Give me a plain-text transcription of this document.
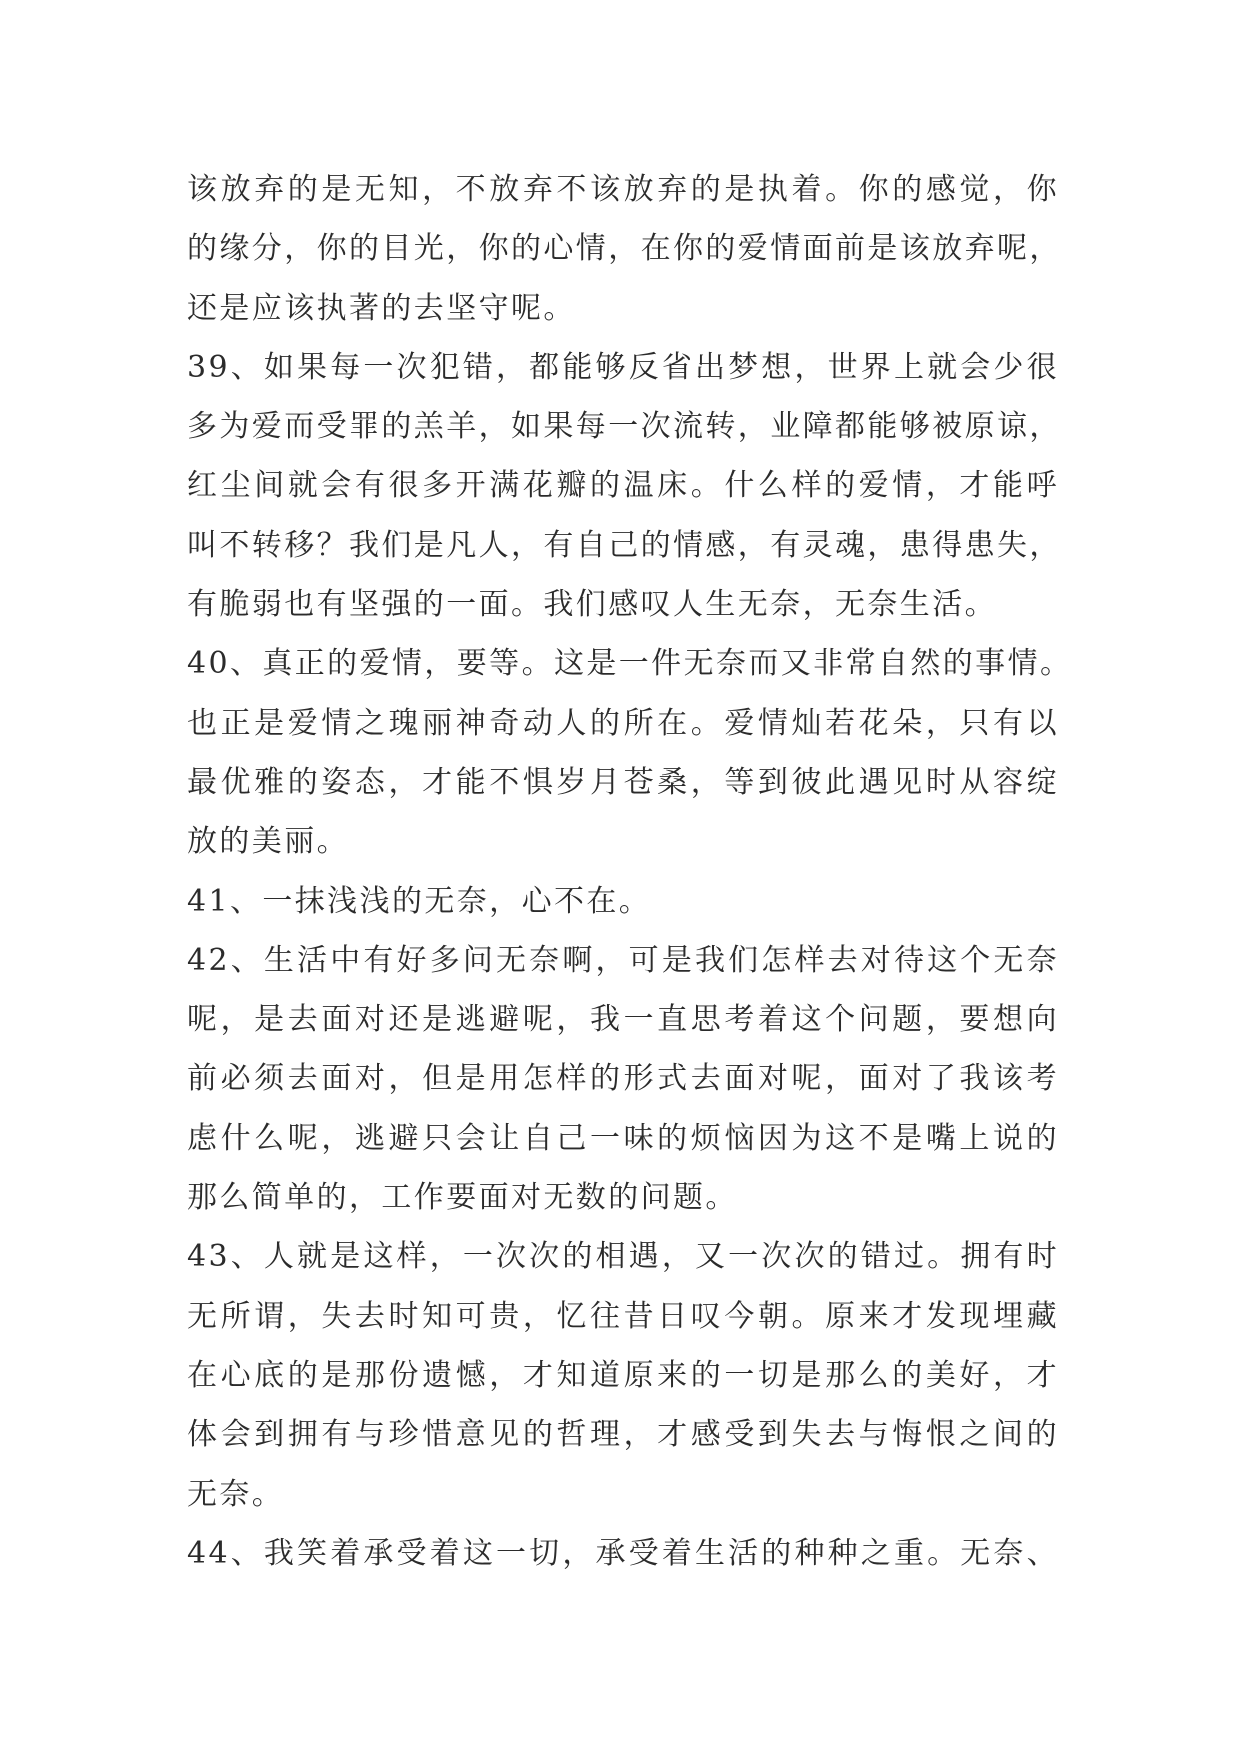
该放弃的是无知，不放弃不该放弃的是执着。你的感觉，你
的缘分，你的目光，你的心情，在你的爱情面前是该放弃呢，
还是应该执著的去坚守呢。
39、如果每一次犯错，都能够反省出梦想，世界上就会少很
多为爱而受罪的羔羊，如果每一次流转，业障都能够被原谅，
红尘间就会有很多开满花瓣的温床。什么样的爱情，才能呼
叫不转移？我们是凡人，有自己的情感，有灵魂，患得患失，
有脆弱也有坚强的一面。我们感叹人生无奈，无奈生活。
40、真正的爱情，要等。这是一件无奈而又非常自然的事情。
也正是爱情之瑰丽神奇动人的所在。爱情灿若花朵，只有以
最优雅的姿态，才能不惧岁月苍桑，等到彼此遇见时从容绽
放的美丽。
41、一抹浅浅的无奈，心不在。
42、生活中有好多问无奈啊，可是我们怎样去对待这个无奈
呢，是去面对还是逃避呢，我一直思考着这个问题，要想向
前必须去面对，但是用怎样的形式去面对呢，面对了我该考
虑什么呢，逃避只会让自己一味的烦恼因为这不是嘴上说的
那么简单的，工作要面对无数的问题。
43、人就是这样，一次次的相遇，又一次次的错过。拥有时
无所谓，失去时知可贵，忆往昔日叹今朝。原来才发现埋藏
在心底的是那份遗憾，才知道原来的一切是那么的美好，才
体会到拥有与珍惜意见的哲理，才感受到失去与悔恨之间的
无奈。
44、我笑着承受着这一切，承受着生活的种种之重。无奈、
